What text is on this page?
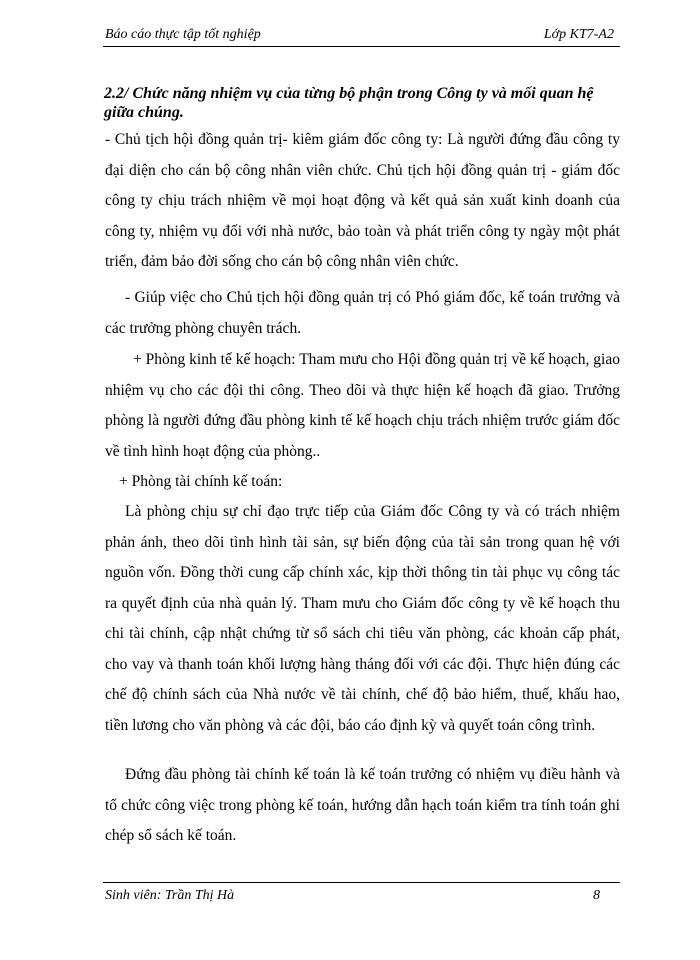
Báo cáo thực tập tốt nghiệp	Lớp KT7-A2
2.2/ Chức năng nhiệm vụ của từng bộ phận trong Công ty và mối quan hệ giữa chúng.
- Chủ tịch hội đồng quản trị- kiêm giám đốc công ty: Là người đứng đầu công ty đại diện cho cán bộ công nhân viên chức. Chủ tịch hội đồng quản trị - giám đốc công ty chịu trách nhiệm về mọi hoạt động và kết quả sản xuất kinh doanh của công ty, nhiệm vụ đối với nhà nước, bảo toàn và phát triển công ty ngày một phát triển, đảm bảo đời sống cho cán bộ công nhân viên chức.
- Giúp việc cho Chủ tịch hội đồng quản trị có Phó giám đốc, kế toán trưởng và các trưởng phòng chuyên trách.
+ Phòng kinh tế kế hoạch: Tham mưu cho Hội đồng quản trị về kế hoạch, giao nhiệm vụ cho các đội thi công. Theo dõi và thực hiện kế hoạch đã giao. Trưởng phòng là người đứng đầu phòng kinh tế kế hoạch chịu trách nhiệm trước giám đốc về tình hình hoạt động của phòng..
+ Phòng tài chính kế toán:
Là phòng chịu sự chỉ đạo trực tiếp của Giám đốc Công ty và có trách nhiệm phản ánh, theo dõi tình hình tài sản, sự biến động của tài sản trong quan hệ với nguồn vốn. Đồng thời cung cấp chính xác, kịp thời thông tin tài phục vụ công tác ra quyết định của nhà quản lý. Tham mưu cho Giám đốc công ty về kế hoạch thu chi tài chính, cập nhật chứng từ sổ sách chi tiêu văn phòng, các khoản cấp phát, cho vay và thanh toán khối lượng hàng tháng đối với các đội. Thực hiện đúng các chế độ chính sách của Nhà nước về tài chính, chế độ bảo hiểm, thuế, khấu hao, tiền lương cho văn phòng và các đội, báo cáo định kỳ và quyết toán công trình.
Đứng đầu phòng tài chính kế toán là kế toán trưởng có nhiệm vụ điều hành và tổ chức công việc trong phòng kế toán, hướng dẫn hạch toán kiểm tra tính toán ghi chép sổ sách kế toán.
Sinh viên: Trần Thị Hà	8
